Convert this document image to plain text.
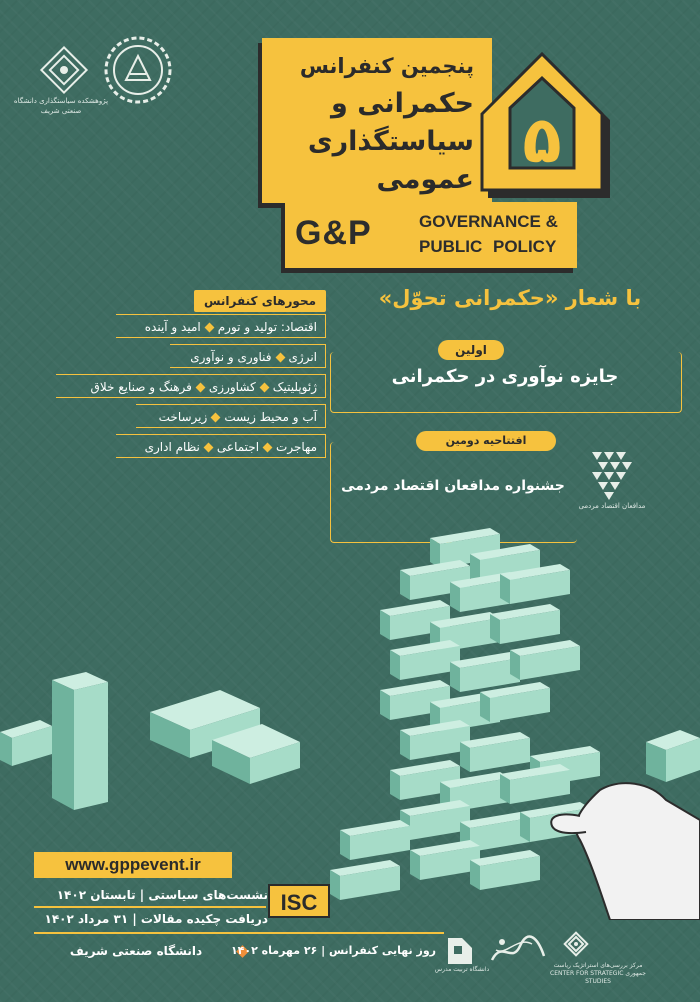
پژوهشکده سیاستگذاری دانشگاه صنعتی شریف
پنجمین کنفرانس
حکمرانی و
سیاستگذاری
عمومی
۵
G&P	GOVERNANCE &
PUBLIC POLICY
با شعار «حکمرانی تحوّل»
محورهای کنفرانس
اقتصاد: تولید و تورمامید و آینده
انرژیفناوری و نوآوری
ژئوپلیتیککشاورزیفرهنگ و صنایع خلاق
آب و محیط زیستزیرساخت
مهاجرتاجتماعینظام اداری
اولین
جایزه نوآوری در حکمرانی
افتتاحیه دومین
جشنواره مدافعان اقتصاد مردمی
مدافعان اقتصاد مردمی
www.gppevent.ir
نشست‌های سیاستی | تابستان ۱۴۰۲
دریافت چکیده مقالات | ۳۱ مرداد ۱۴۰۲
ISC
روز نهایی کنفرانس | ۲۶ مهرماه ۱۴۰۲
دانشگاه صنعتی شریف
دانشگاه تربیت مدرس
مرکز بررسی‌های استراتژیک ریاست جمهوری CENTER FOR STRATEGIC STUDIES
